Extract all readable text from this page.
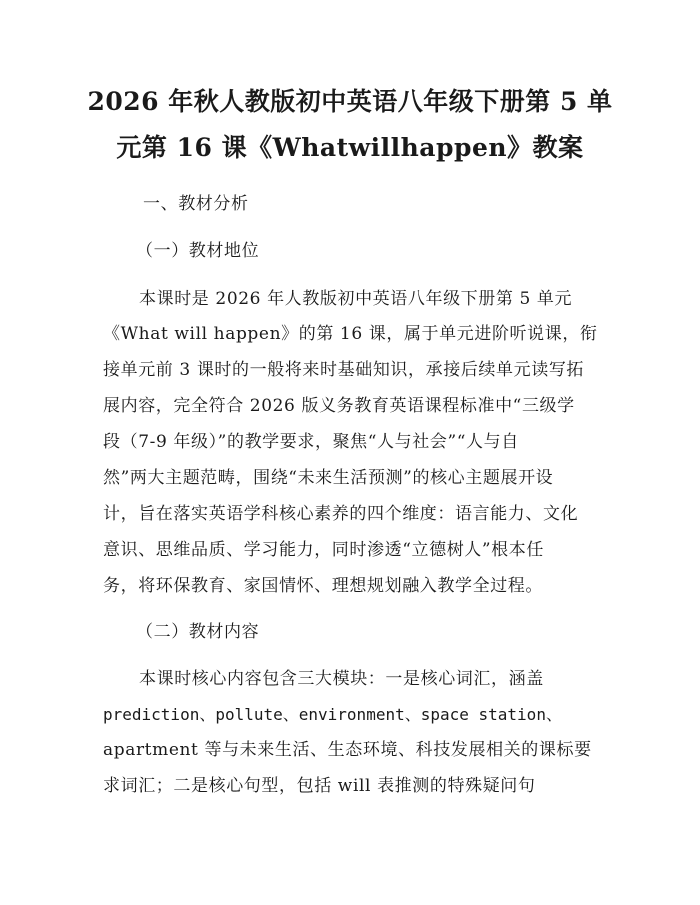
2026 年秋人教版初中英语八年级下册第 5 单
元第 16 课《Whatwillhappen》教案
一、教材分析
（一）教材地位
本课时是 2026 年人教版初中英语八年级下册第 5 单元
《What will happen》的第 16 课，属于单元进阶听说课，衔
接单元前 3 课时的一般将来时基础知识，承接后续单元读写拓
展内容，完全符合 2026 版义务教育英语课程标准中“三级学
段（7-9 年级）”的教学要求，聚焦“人与社会”“人与自
然”两大主题范畴，围绕“未来生活预测”的核心主题展开设
计，旨在落实英语学科核心素养的四个维度：语言能力、文化
意识、思维品质、学习能力，同时渗透“立德树人”根本任
务，将环保教育、家国情怀、理想规划融入教学全过程。
（二）教材内容
本课时核心内容包含三大模块：一是核心词汇，涵盖
prediction、pollute、environment、space station、
apartment 等与未来生活、生态环境、科技发展相关的课标要
求词汇；二是核心句型，包括 will 表推测的特殊疑问句
